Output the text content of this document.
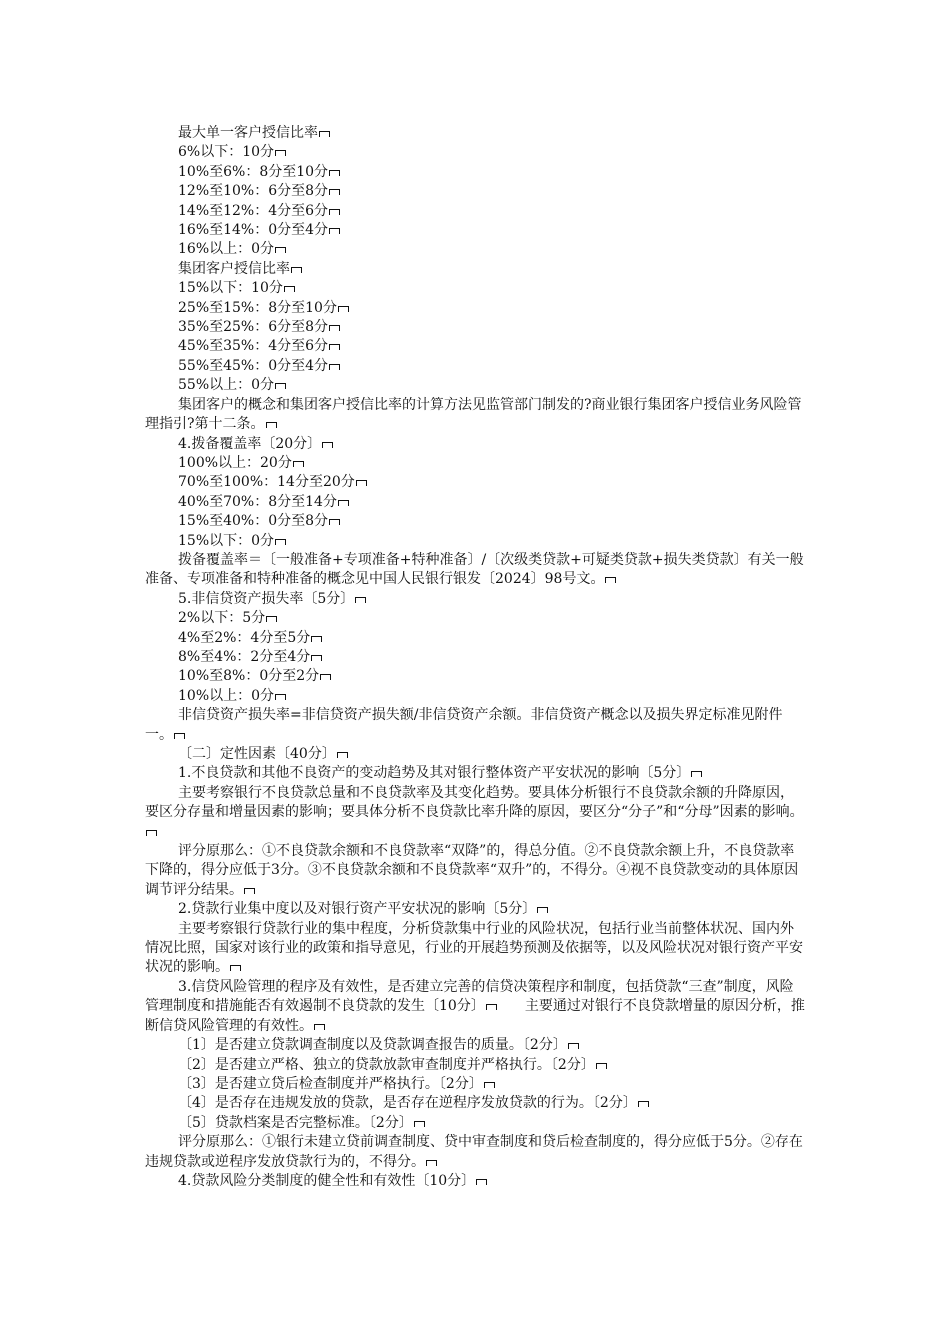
最大单一客户授信比率

6%以下：10分

10%至6%：8分至10分

12%至10%：6分至8分

14%至12%：4分至6分

16%至14%：0分至4分

16%以上：0分

集团客户授信比率

15%以下：10分

25%至15%：8分至10分

35%至25%：6分至8分

45%至35%：4分至6分

55%至45%：0分至4分

55%以上：0分

集团客户的概念和集团客户授信比率的计算方法见监管部门制发的?商业银行集团客户授信业务风险管理指引?第十二条。

4.拨备覆盖率〔20分〕

100%以上：20分

70%至100%：14分至20分

40%至70%：8分至14分

15%至40%：0分至8分

15%以下：0分

拨备覆盖率＝〔一般准备+专项准备+特种准备〕/〔次级类贷款+可疑类贷款+损失类贷款〕有关一般准备、专项准备和特种准备的概念见中国人民银行银发〔2024〕98号文。

5.非信贷资产损失率〔5分〕

2%以下：5分

4%至2%：4分至5分

8%至4%：2分至4分

10%至8%：0分至2分

10%以上：0分

非信贷资产损失率=非信贷资产损失额/非信贷资产余额。非信贷资产概念以及损失界定标准见附件一。

〔二〕定性因素〔40分〕

1.不良贷款和其他不良资产的变动趋势及其对银行整体资产平安状况的影响〔5分〕

主要考察银行不良贷款总量和不良贷款率及其变化趋势。要具体分析银行不良贷款余额的升降原因，要区分存量和增量因素的影响；要具体分析不良贷款比率升降的原因，要区分“分子”和“分母”因素的影响。

评分原那么：①不良贷款余额和不良贷款率“双降”的，得总分值。②不良贷款余额上升，不良贷款率下降的，得分应低于3分。③不良贷款余额和不良贷款率“双升”的，不得分。④视不良贷款变动的具体原因调节评分结果。

2.贷款行业集中度以及对银行资产平安状况的影响〔5分〕

主要考察银行贷款行业的集中程度，分析贷款集中行业的风险状况，包括行业当前整体状况、国内外情况比照，国家对该行业的政策和指导意见，行业的开展趋势预测及依据等，以及风险状况对银行资产平安状况的影响。

3.信贷风险管理的程序及有效性，是否建立完善的信贷决策程序和制度，包括贷款“三查”制度，风险管理制度和措施能否有效遏制不良贷款的发生〔10分〕　　	主要通过对银行不良贷款增量的原因分析，推断信贷风险管理的有效性。

〔1〕是否建立贷款调查制度以及贷款调查报告的质量。〔2分〕

〔2〕是否建立严格、独立的贷款放款审查制度并严格执行。〔2分〕

〔3〕是否建立贷后检查制度并严格执行。〔2分〕

〔4〕是否存在违规发放的贷款，是否存在逆程序发放贷款的行为。〔2分〕

〔5〕贷款档案是否完整标准。〔2分〕

评分原那么：①银行未建立贷前调查制度、贷中审查制度和贷后检查制度的，得分应低于5分。②存在违规贷款或逆程序发放贷款行为的，不得分。

4.贷款风险分类制度的健全性和有效性〔10分〕
